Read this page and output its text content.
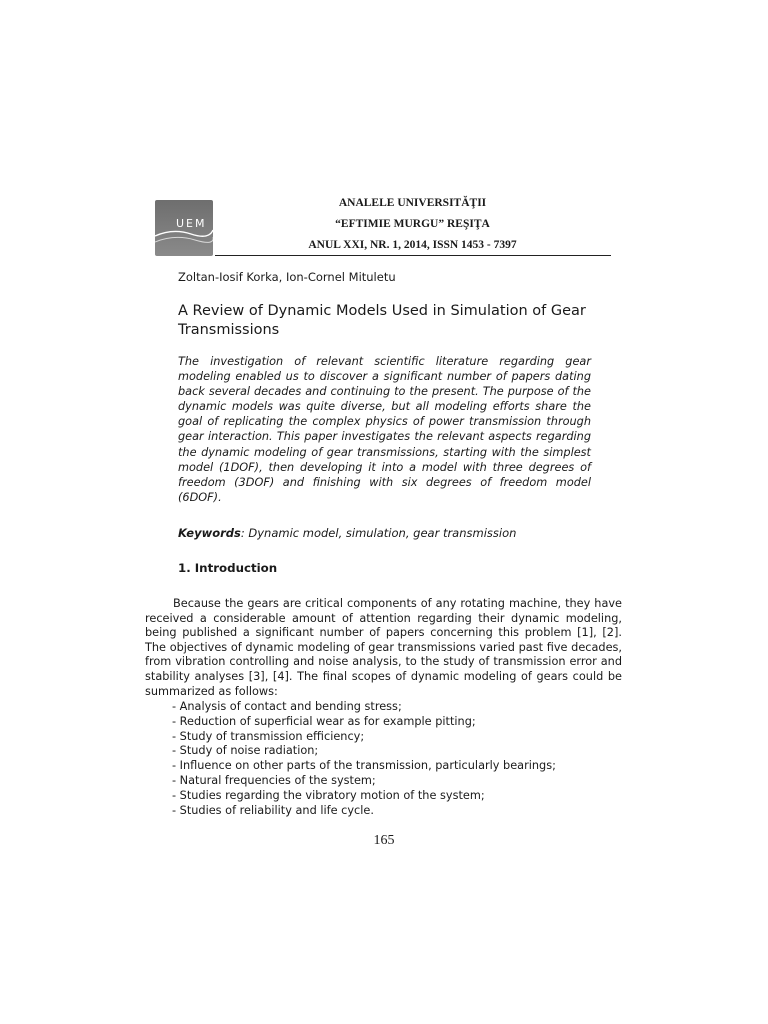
UEM
ANALELE UNIVERSITĂŢII
“EFTIMIE MURGU” REŞIŢA
ANUL XXI, NR. 1, 2014, ISSN 1453 - 7397
Zoltan-Iosif Korka, Ion-Cornel Mituletu
A Review of Dynamic Models Used in Simulation of Gear Transmissions

The investigation of relevant scientific literature regarding gear modeling enabled us to discover a significant number of papers dating back several decades and continuing to the present. The purpose of the dynamic models was quite diverse, but all modeling efforts share the goal of replicating the complex physics of power transmission through gear interaction. This paper investigates the relevant aspects regarding the dynamic modeling of gear transmissions, starting with the simplest model (1DOF), then developing it into a model with three degrees of freedom (3DOF) and finishing with six degrees of freedom model (6DOF).

Keywords: Dynamic model, simulation, gear transmission
1. Introduction

Because the gears are critical components of any rotating machine, they have received a considerable amount of attention regarding their dynamic modeling, being published a significant number of papers concerning this problem [1], [2]. The objectives of dynamic modeling of gear transmissions varied past five decades, from vibration controlling and noise analysis, to the study of transmission error and stability analyses [3], [4]. The final scopes of dynamic modeling of gears could be summarized as follows:

- Analysis of contact and bending stress;
- Reduction of superficial wear as for example pitting;
- Study of transmission efficiency;
- Study of noise radiation;
- Influence on other parts of the transmission, particularly bearings;
- Natural frequencies of the system;
- Studies regarding the vibratory motion of the system;
- Studies of reliability and life cycle.
165
